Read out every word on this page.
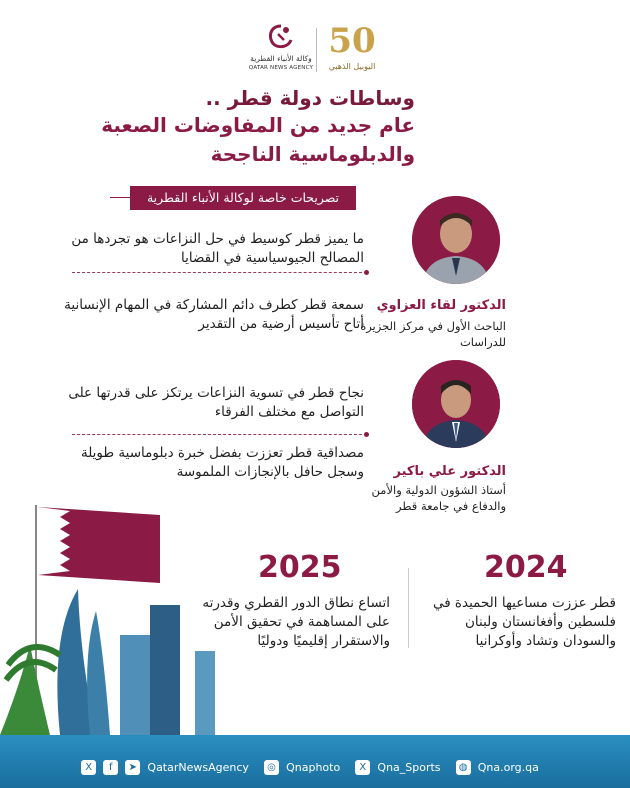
50
اليوبيل الذهبي
وكالة الأنباء القطرية
QATAR NEWS AGENCY
وساطات دولة قطر ..
عام جديد من المفاوضات الصعبة
والدبلوماسية الناجحة
تصريحات خاصة لوكالة الأنباء القطرية
الدكتور لقاء العزاوي
الباحث الأول في مركز الجزيرة للدراسات
ما يميز قطر كوسيط في حل النزاعات هو تجردها من المصالح الجيوسياسية في القضايا
سمعة قطر كطرف دائم المشاركة في المهام الإنسانية أتاح تأسيس أرضية من التقدير
الدكتور علي باكير
أستاذ الشؤون الدولية والأمن والدفاع في جامعة قطر
نجاح قطر في تسوية النزاعات يرتكز على قدرتها على التواصل مع مختلف الفرقاء
مصداقية قطر تعززت بفضل خبرة دبلوماسية طويلة وسجل حافل بالإنجازات الملموسة
2024
قطر عززت مساعيها الحميدة في فلسطين وأفغانستان ولبنان والسودان وتشاد وأوكرانيا
2025
اتساع نطاق الدور القطري وقدرته على المساهمة في تحقيق الأمن والاستقرار إقليميًا ودوليًا
X f ➤ QatarNewsAgency ◎ Qnaphoto X Qna_Sports ◍ Qna.org.qa
